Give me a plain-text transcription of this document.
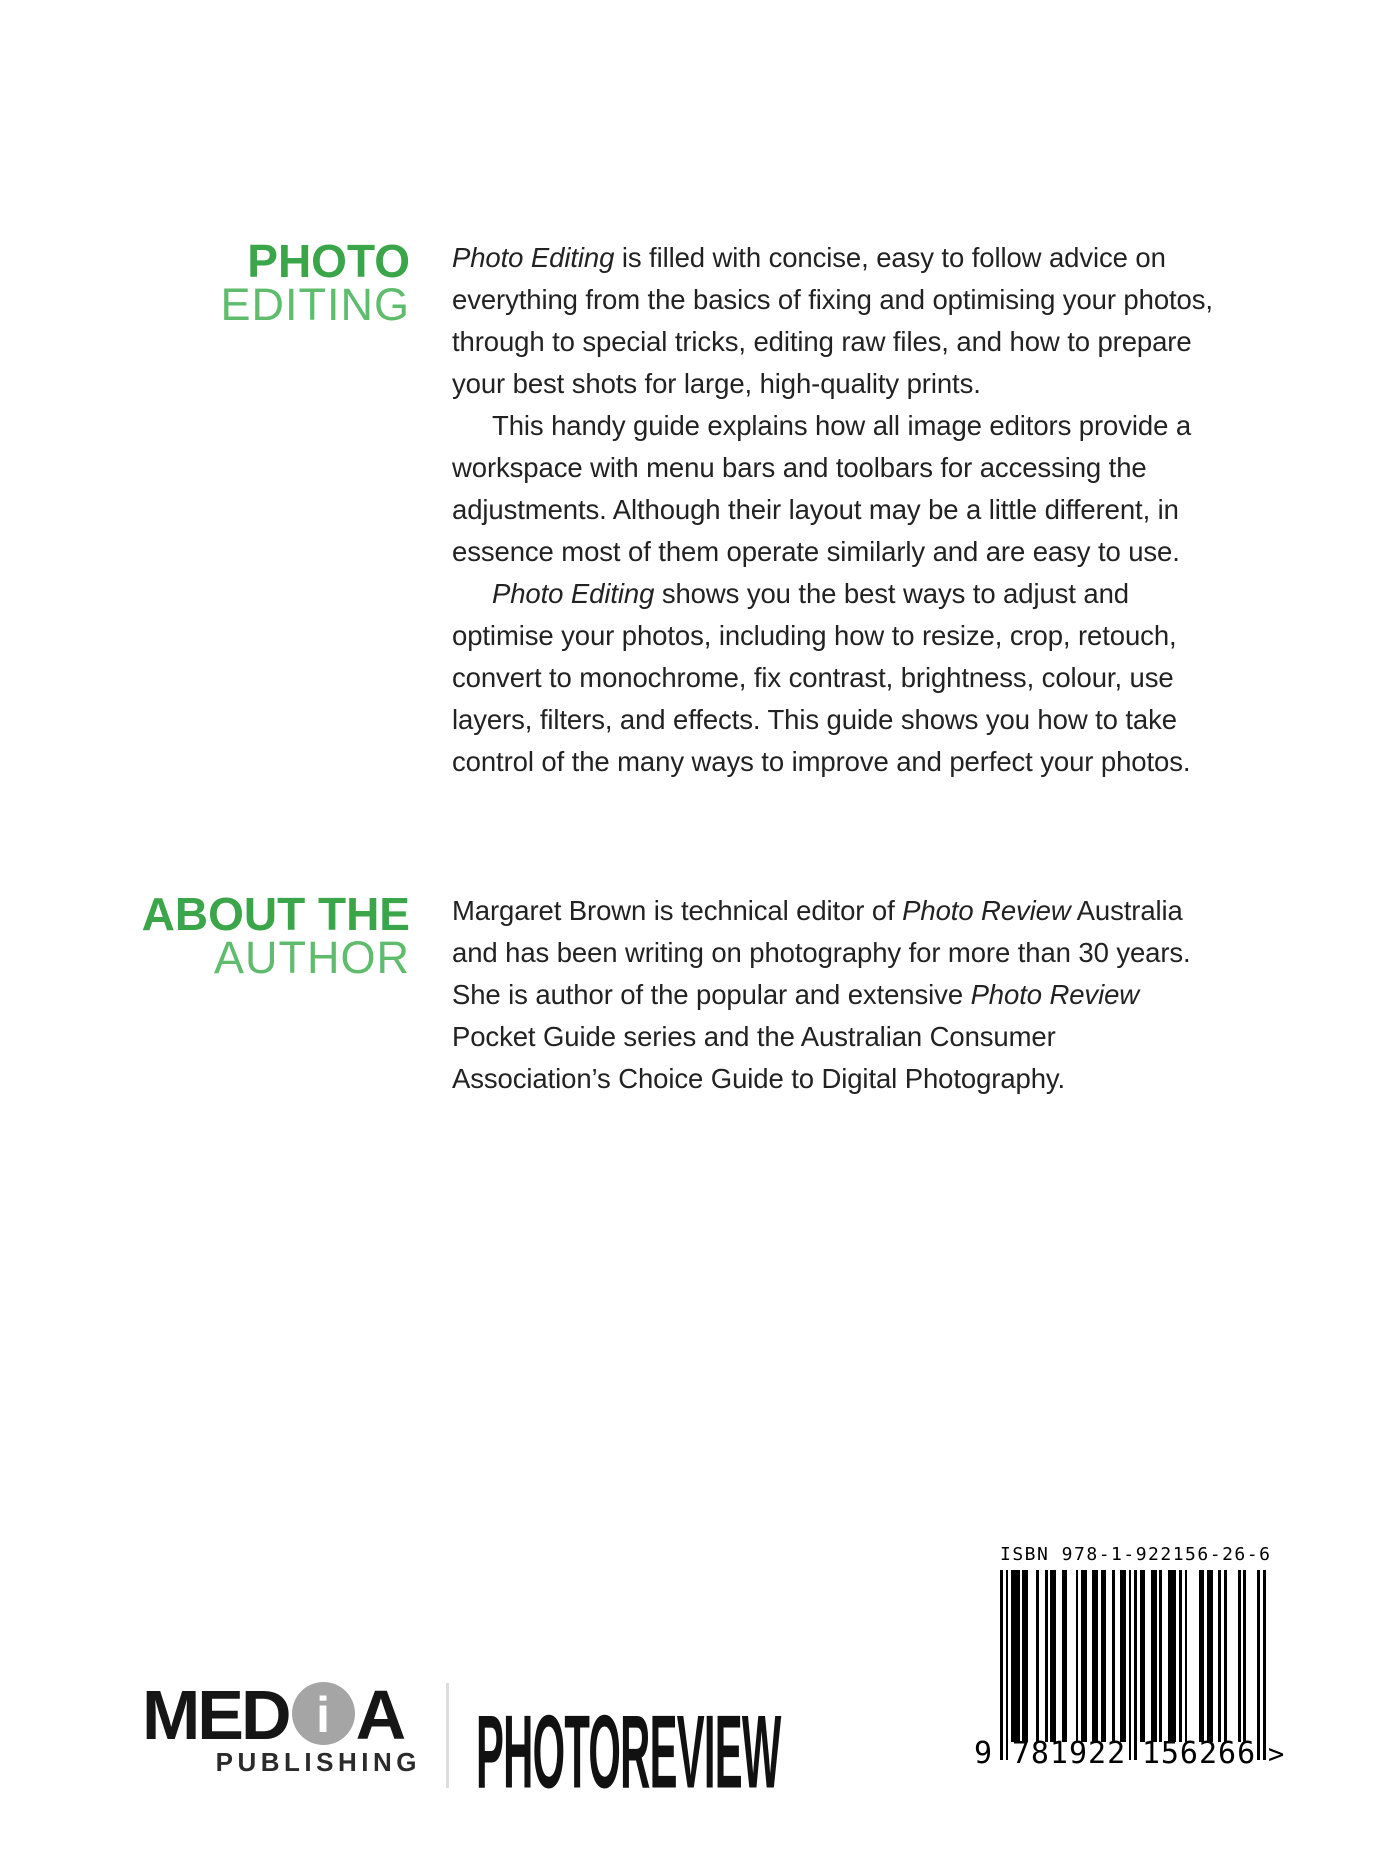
PHOTO
EDITING

Photo Editing is filled with concise, easy to follow advice on everything from the basics of fixing and optimising your photos, through to special tricks, editing raw files, and how to prepare your best shots for large, high-quality prints.

This handy guide explains how all image editors provide a workspace with menu bars and toolbars for accessing the adjustments. Although their layout may be a little different, in essence most of them operate similarly and are easy to use.

Photo Editing shows you the best ways to adjust and optimise your photos, including how to resize, crop, retouch, convert to monochrome, fix contrast, brightness, colour, use layers, filters, and effects. This guide shows you how to take control of the many ways to improve and perfect your photos.

ABOUT THE
AUTHOR

Margaret Brown is technical editor of Photo Review Australia and has been writing on photography for more than 30 years. She is author of the popular and extensive Photo Review Pocket Guide series and the Australian Consumer Association’s Choice Guide to Digital Photography.

MED i A
PUBLISHING PHOTOREVIEW
ISBN 978-1-922156-26-6
9 781922 156266 >
